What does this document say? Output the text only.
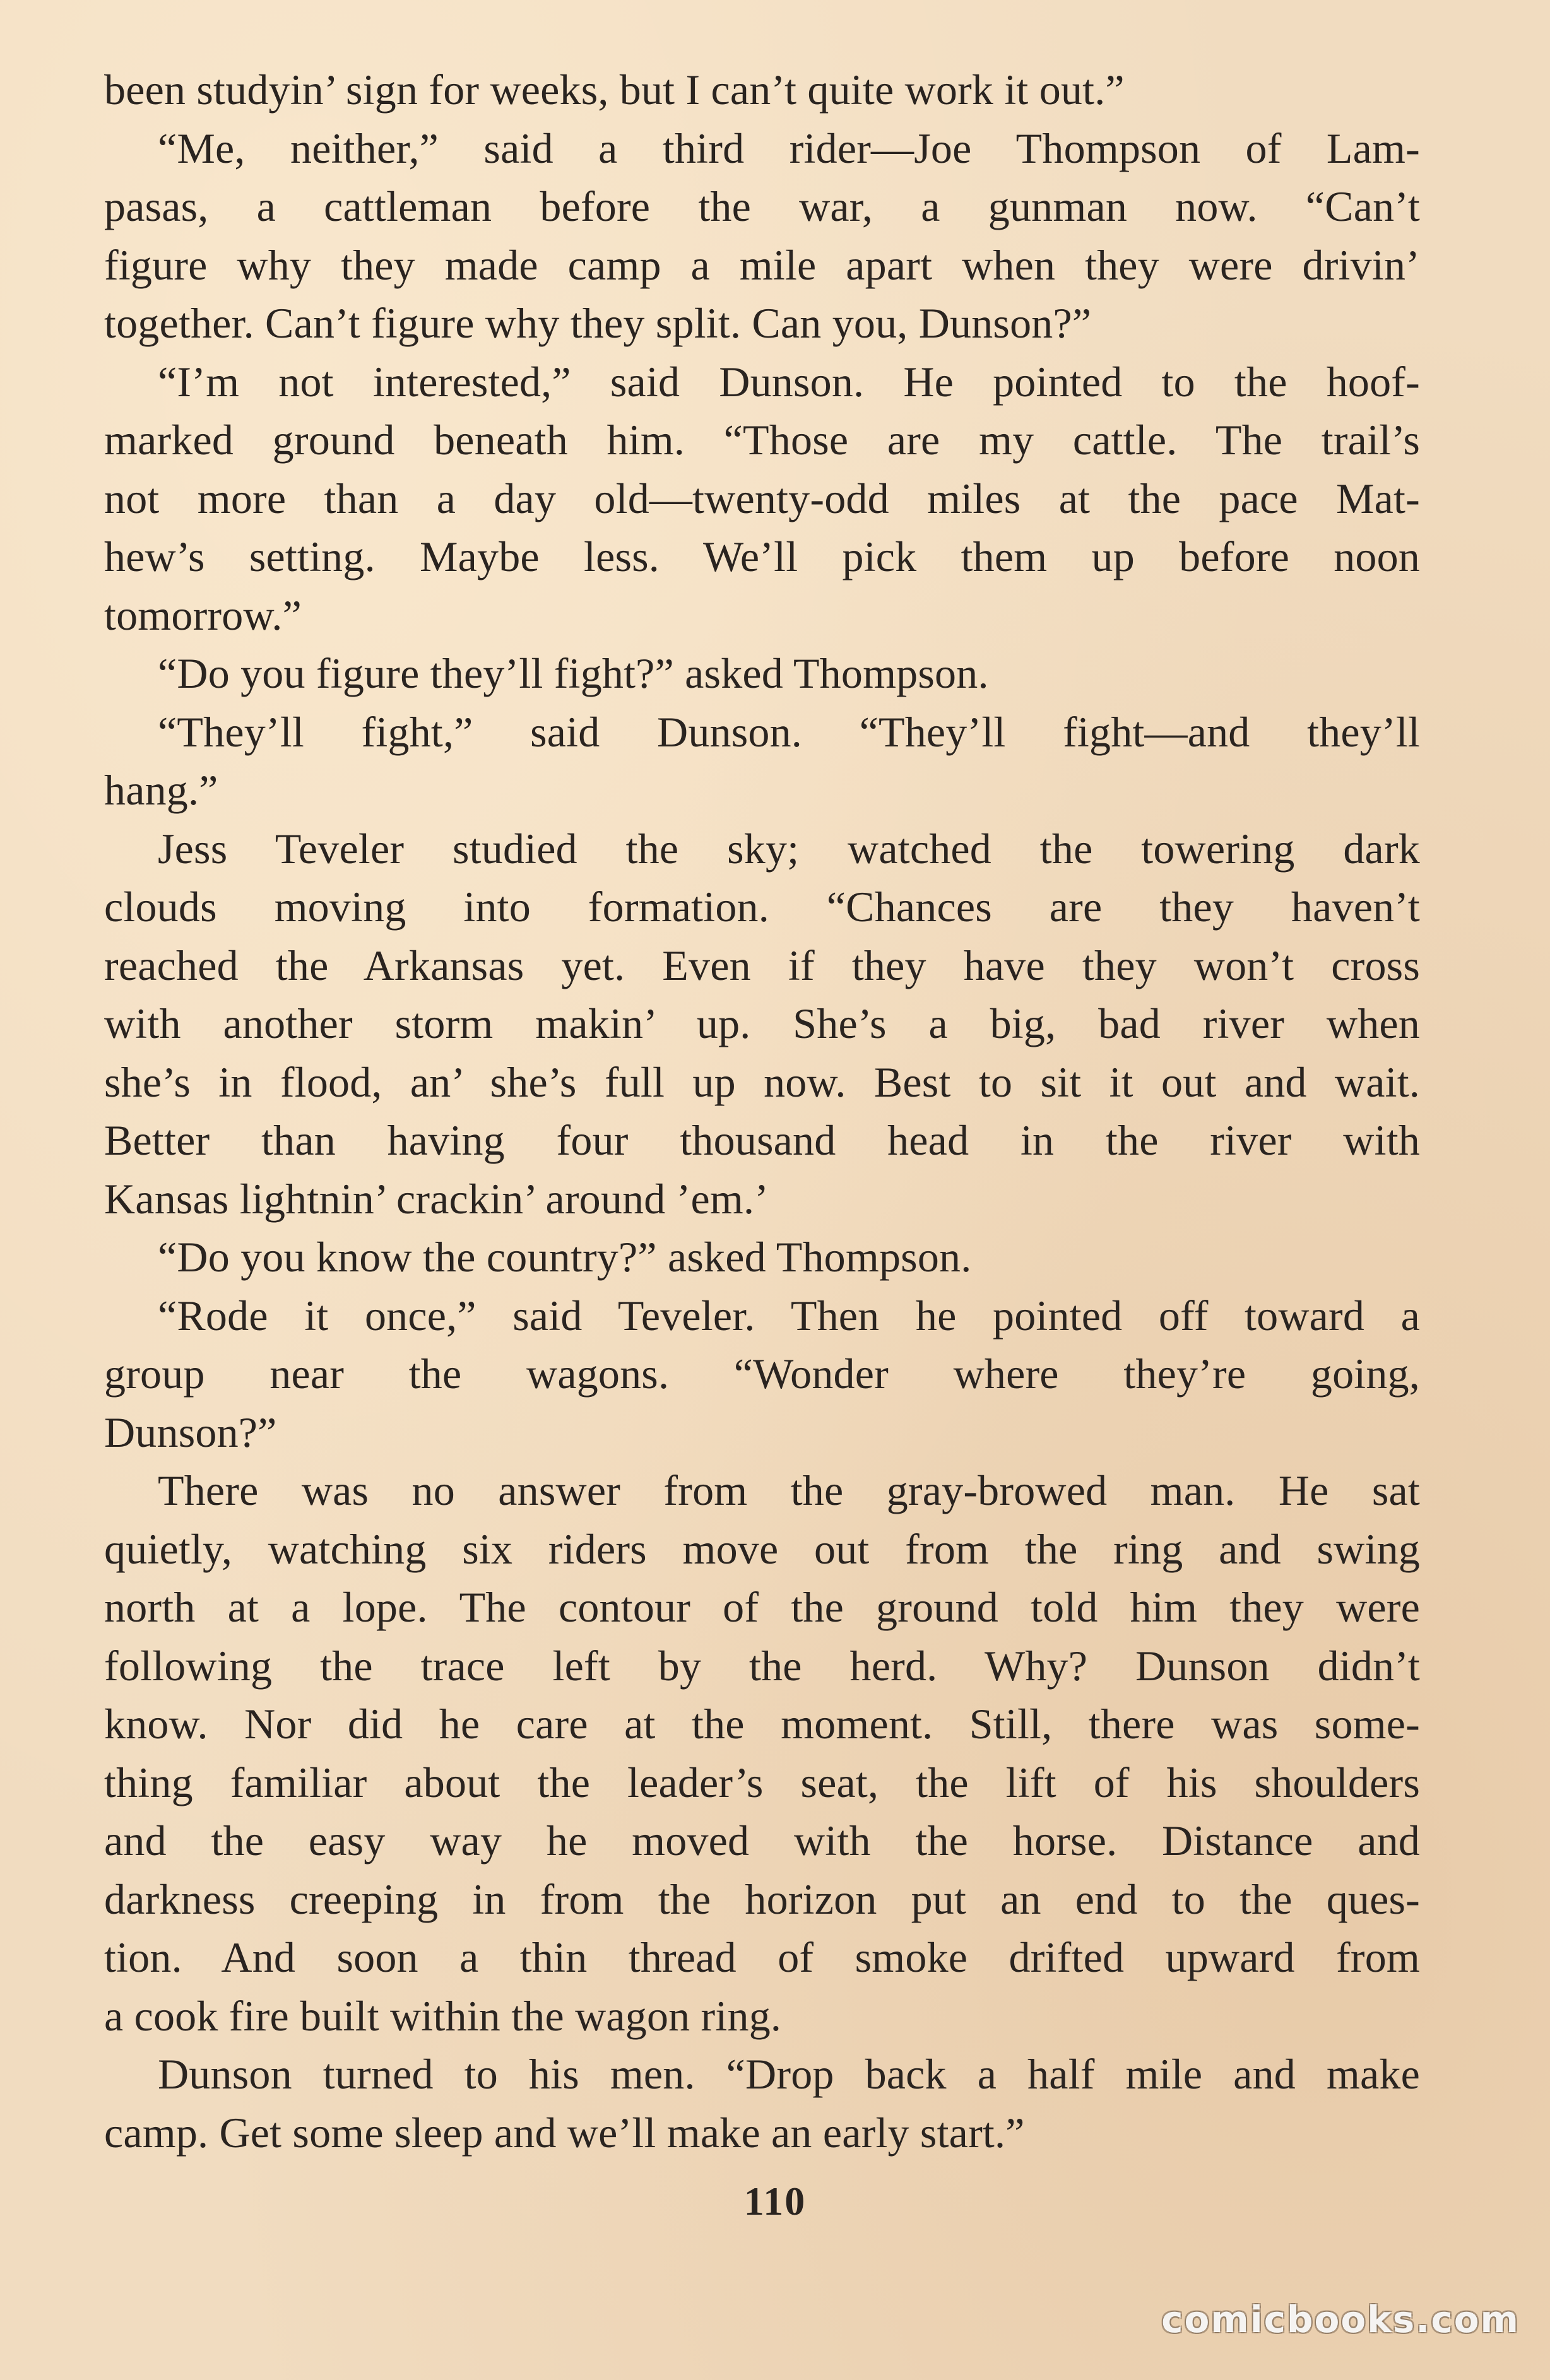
been studyin’ sign for weeks, but I can’t quite work it out.”
“Me, neither,” said a third rider—Joe Thompson of Lam-
pasas, a cattleman before the war, a gunman now. “Can’t
figure why they made camp a mile apart when they were drivin’
together. Can’t figure why they split. Can you, Dunson?”
“I’m not interested,” said Dunson. He pointed to the hoof-
marked ground beneath him. “Those are my cattle. The trail’s
not more than a day old—twenty-odd miles at the pace Mat-
hew’s setting. Maybe less. We’ll pick them up before noon
tomorrow.”
“Do you figure they’ll fight?” asked Thompson.
“They’ll fight,” said Dunson. “They’ll fight—and they’ll
hang.”
Jess Teveler studied the sky; watched the towering dark
clouds moving into formation. “Chances are they haven’t
reached the Arkansas yet. Even if they have they won’t cross
with another storm makin’ up. She’s a big, bad river when
she’s in flood, an’ she’s full up now. Best to sit it out and wait.
Better than having four thousand head in the river with
Kansas lightnin’ crackin’ around ’em.’
“Do you know the country?” asked Thompson.
“Rode it once,” said Teveler. Then he pointed off toward a
group near the wagons. “Wonder where they’re going,
Dunson?”
There was no answer from the gray-browed man. He sat
quietly, watching six riders move out from the ring and swing
north at a lope. The contour of the ground told him they were
following the trace left by the herd. Why? Dunson didn’t
know. Nor did he care at the moment. Still, there was some-
thing familiar about the leader’s seat, the lift of his shoulders
and the easy way he moved with the horse. Distance and
darkness creeping in from the horizon put an end to the ques-
tion. And soon a thin thread of smoke drifted upward from
a cook fire built within the wagon ring.
Dunson turned to his men. “Drop back a half mile and make
camp. Get some sleep and we’ll make an early start.”
110
comicbooks.com
